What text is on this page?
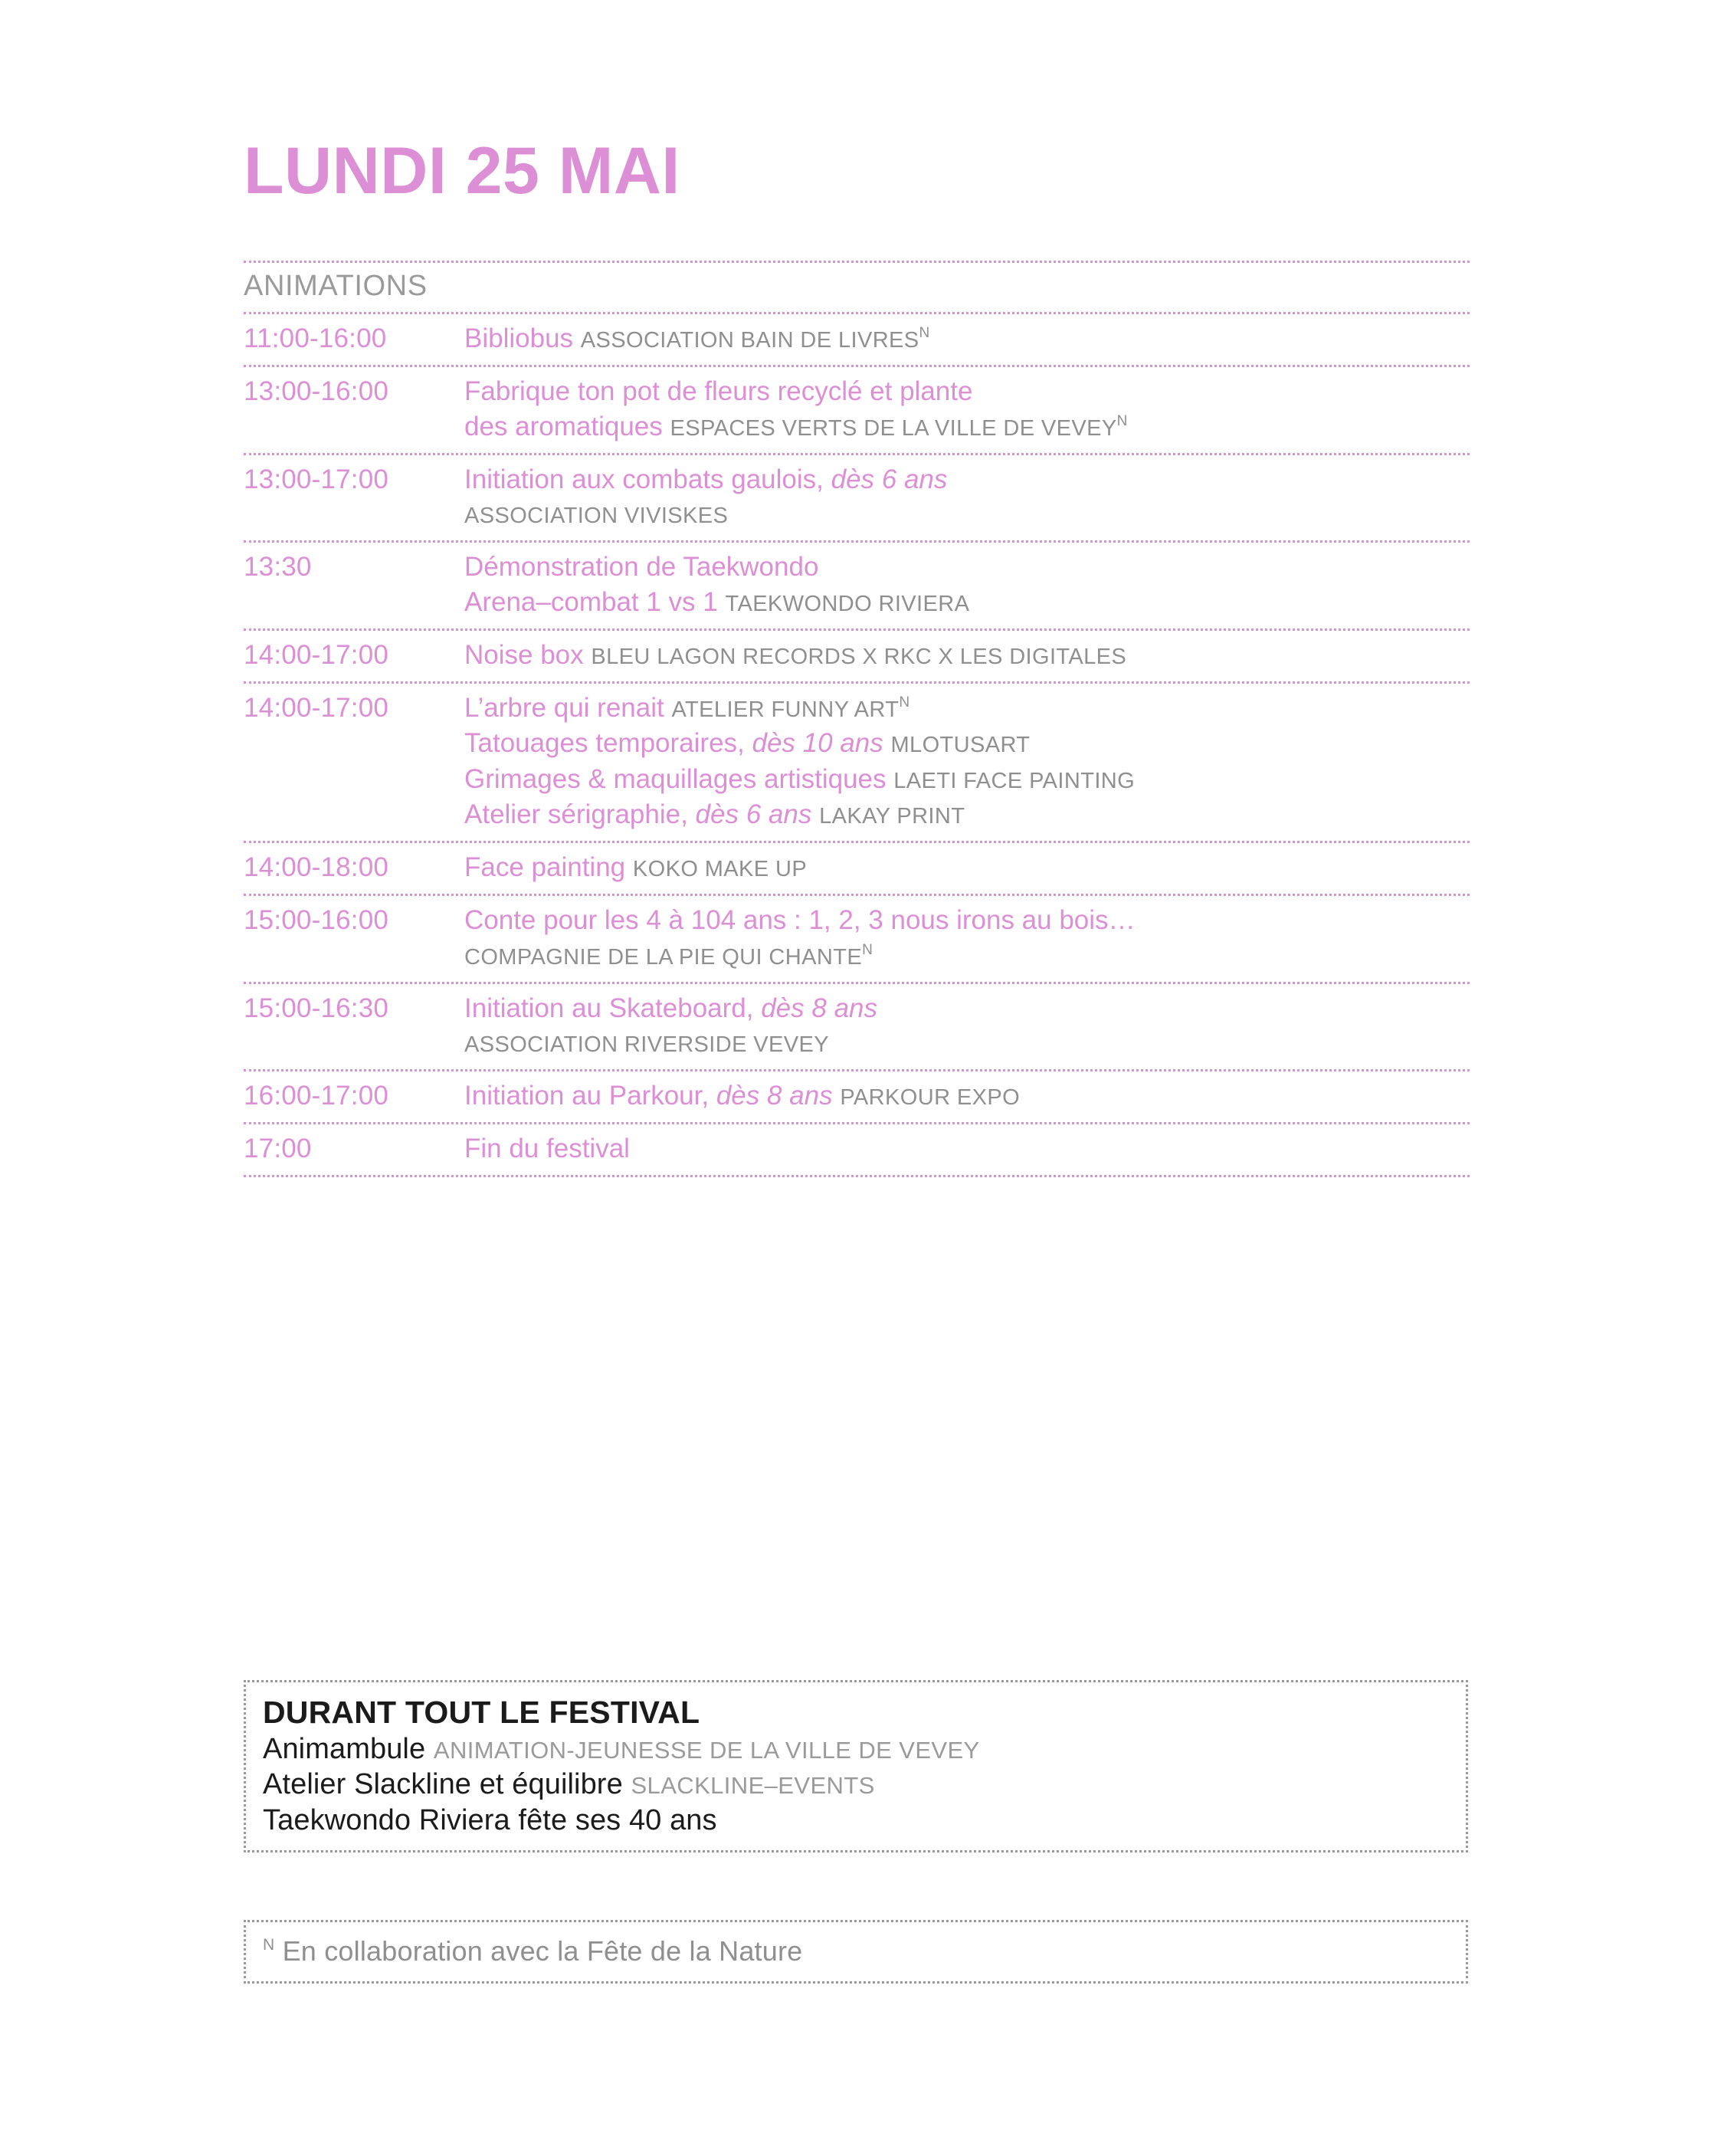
LUNDI 25 MAI
ANIMATIONS
11:00-16:00	Bibliobus ASSOCIATION BAIN DE $LIVRES^N$
13:00-16:00	Fabrique ton pot de fleurs recyclé et plante
des aromatiques ESPACES VERTS DE LA VILLE DE $VEVEY^N$
13:00-17:00	Initiation aux combats gaulois, dès 6 ans
ASSOCIATION VIVISKES
13:30	Démonstration de Taekwondo
Arena–combat 1 vs 1 TAEKWONDO RIVIERA
14:00-17:00	Noise box BLEU LAGON RECORDS X RKC X LES DIGITALES
14:00-17:00	L’arbre qui renait ATELIER FUNNY $ART^N$
Tatouages temporaires, dès 10 ans MLOTUSART
Grimages & maquillages artistiques LAETI FACE PAINTING
Atelier sérigraphie, dès 6 ans LAKAY PRINT
14:00-18:00	Face painting KOKO MAKE UP
15:00-16:00	Conte pour les 4 à 104 ans : 1, 2, 3 nous irons au bois…
COMPAGNIE DE LA PIE QUI $CHANTE^N$
15:00-16:30	Initiation au Skateboard, dès 8 ans
ASSOCIATION RIVERSIDE VEVEY
16:00-17:00	Initiation au Parkour, dès 8 ans PARKOUR EXPO
17:00	Fin du festival
DURANT TOUT LE FESTIVAL
Animambule ANIMATION-JEUNESSE DE LA VILLE DE VEVEY
Atelier Slackline et équilibre SLACKLINE–EVENTS
Taekwondo Riviera fête ses 40 ans
$^N$ En collaboration avec la Fête de la Nature
